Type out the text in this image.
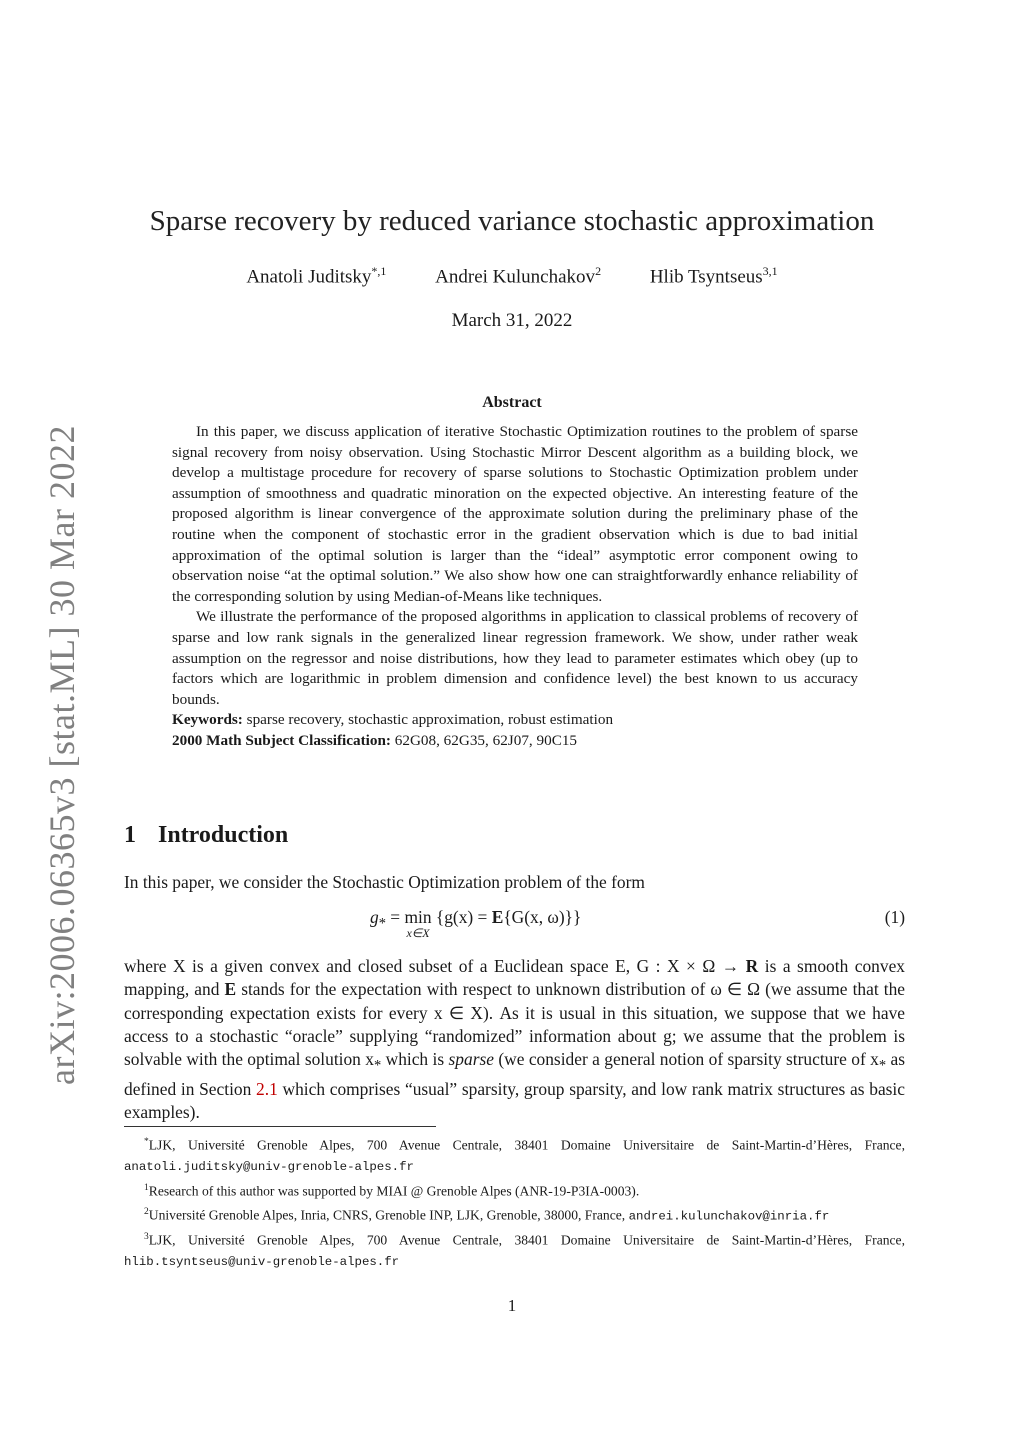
arXiv:2006.06365v3 [stat.ML] 30 Mar 2022
Sparse recovery by reduced variance stochastic approximation
Anatoli Juditsky$^{*,1}$	Andrei Kulunchakov$^2$	Hlib Tsyntseus$^{3,1}$
March 31, 2022
Abstract

In this paper, we discuss application of iterative Stochastic Optimization routines to the problem of sparse signal recovery from noisy observation. Using Stochastic Mirror Descent algorithm as a building block, we develop a multistage procedure for recovery of sparse solutions to Stochastic Optimization problem under assumption of smoothness and quadratic minoration on the expected objective. An interesting feature of the proposed algorithm is linear convergence of the approximate solution during the preliminary phase of the routine when the component of stochastic error in the gradient observation which is due to bad initial approximation of the optimal solution is larger than the “ideal” asymptotic error component owing to observation noise “at the optimal solution.” We also show how one can straightforwardly enhance reliability of the corresponding solution by using Median-of-Means like techniques.

We illustrate the performance of the proposed algorithms in application to classical problems of recovery of sparse and low rank signals in the generalized linear regression framework. We show, under rather weak assumption on the regressor and noise distributions, how they lead to parameter estimates which obey (up to factors which are logarithmic in problem dimension and confidence level) the best known to us accuracy bounds.

Keywords: sparse recovery, stochastic approximation, robust estimation

2000 Math Subject Classification: 62G08, 62G35, 62J07, 90C15

1 Introduction

In this paper, we consider the Stochastic Optimization problem of the form

$g_* = \min$
x∈X
{g(x) = E{G(x, ω)}}	(1)

where X is a given convex and closed subset of a Euclidean space E, G : X × Ω → R is a smooth convex mapping, and E stands for the expectation with respect to unknown distribution of ω ∈ Ω (we assume that the corresponding expectation exists for every x ∈ X). As it is usual in this situation, we suppose that we have access to a stochastic “oracle” supplying “randomized” information about g; we assume that the problem is solvable with the optimal solution $x_*$ which is sparse (we consider a general notion of sparsity structure of $x_*$ as defined in Section 2.1 which comprises “usual” sparsity, group sparsity, and low rank matrix structures as basic examples).

*LJK, Université Grenoble Alpes, 700 Avenue Centrale, 38401 Domaine Universitaire de Saint-Martin-d’Hères, France, anatoli.juditsky@univ-grenoble-alpes.fr

$^1$Research of this author was supported by MIAI @ Grenoble Alpes (ANR-19-P3IA-0003).

$^2$Université Grenoble Alpes, Inria, CNRS, Grenoble INP, LJK, Grenoble, 38000, France, andrei.kulunchakov@inria.fr

$^3$LJK, Université Grenoble Alpes, 700 Avenue Centrale, 38401 Domaine Universitaire de Saint-Martin-d’Hères, France, hlib.tsyntseus@univ-grenoble-alpes.fr

1
